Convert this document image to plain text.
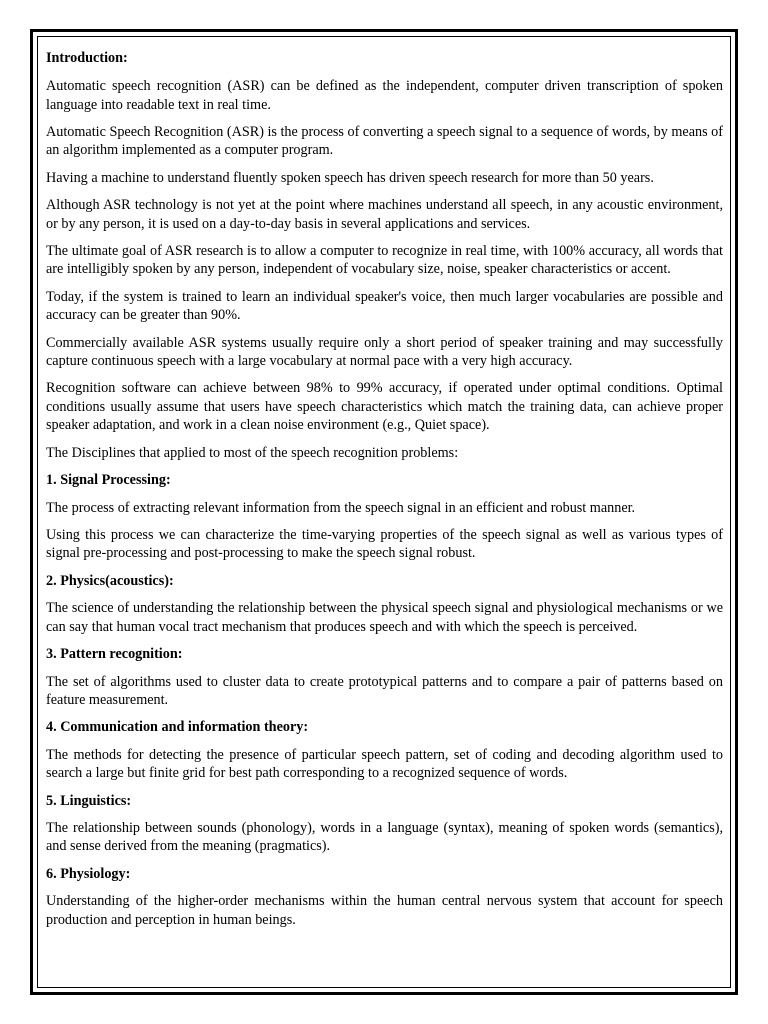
Introduction:

Automatic speech recognition (ASR) can be defined as the independent, computer driven transcription of spoken language into readable text in real time.

Automatic Speech Recognition (ASR) is the process of converting a speech signal to a sequence of words, by means of an algorithm implemented as a computer program.

Having a machine to understand fluently spoken speech has driven speech research for more than 50 years.

Although ASR technology is not yet at the point where machines understand all speech, in any acoustic environment, or by any person, it is used on a day-to-day basis in several applications and services.

The ultimate goal of ASR research is to allow a computer to recognize in real time, with 100% accuracy, all words that are intelligibly spoken by any person, independent of vocabulary size, noise, speaker characteristics or accent.

Today, if the system is trained to learn an individual speaker's voice, then much larger vocabularies are possible and accuracy can be greater than 90%.

Commercially available ASR systems usually require only a short period of speaker training and may successfully capture continuous speech with a large vocabulary at normal pace with a very high accuracy.

Recognition software can achieve between 98% to 99% accuracy, if operated under optimal conditions. Optimal conditions usually assume that users have speech characteristics which match the training data, can achieve proper speaker adaptation, and work in a clean noise environment (e.g., Quiet space).

The Disciplines that applied to most of the speech recognition problems:

1. Signal Processing:

The process of extracting relevant information from the speech signal in an efficient and robust manner.

Using this process we can characterize the time-varying properties of the speech signal as well as various types of signal pre-processing and post-processing to make the speech signal robust.

2. Physics(acoustics):

The science of understanding the relationship between the physical speech signal and physiological mechanisms or we can say that human vocal tract mechanism that produces speech and with which the speech is perceived.

3. Pattern recognition:

The set of algorithms used to cluster data to create prototypical patterns and to compare a pair of patterns based on feature measurement.

4. Communication and information theory:

The methods for detecting the presence of particular speech pattern, set of coding and decoding algorithm used to search a large but finite grid for best path corresponding to a recognized sequence of words.

5. Linguistics:

The relationship between sounds (phonology), words in a language (syntax), meaning of spoken words (semantics), and sense derived from the meaning (pragmatics).

6. Physiology:

Understanding of the higher-order mechanisms within the human central nervous system that account for speech production and perception in human beings.
